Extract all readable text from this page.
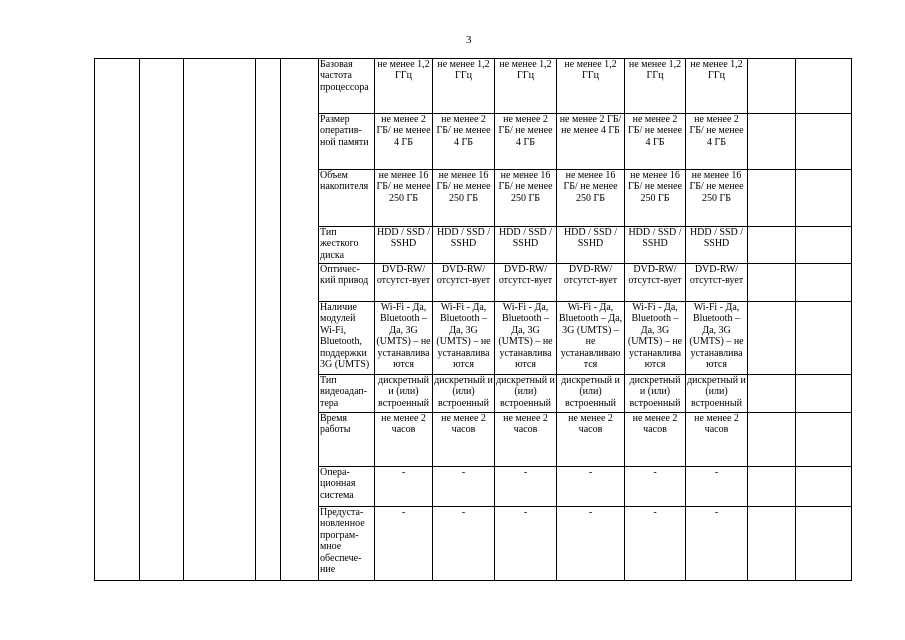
3
					Базовая частота процессора	не менее 1,2 ГГц	не менее 1,2 ГГц	не менее 1,2 ГГц	не менее 1,2 ГГц	не менее 1,2 ГГц	не менее 1,2 ГГц		
					Размер оператив-ной памяти	не менее 2 ГБ/ не менее 4 ГБ	не менее 2 ГБ/ не менее 4 ГБ	не менее 2 ГБ/ не менее 4 ГБ	не менее 2 ГБ/ не менее 4 ГБ	не менее 2 ГБ/ не менее 4 ГБ	не менее 2 ГБ/ не менее 4 ГБ		
					Объем накопителя	не менее 16 ГБ/ не менее 250 ГБ	не менее 16 ГБ/ не менее 250 ГБ	не менее 16 ГБ/ не менее 250 ГБ	не менее 16 ГБ/ не менее 250 ГБ	не менее 16 ГБ/ не менее 250 ГБ	не менее 16 ГБ/ не менее 250 ГБ		
					Тип жесткого диска	HDD / SSD / SSHD	HDD / SSD / SSHD	HDD / SSD / SSHD	HDD / SSD / SSHD	HDD / SSD / SSHD	HDD / SSD / SSHD		
					Оптичес-кий привод	DVD-RW/отсутст-вует	DVD-RW/отсутст-вует	DVD-RW/отсутст-вует	DVD-RW/отсутст-вует	DVD-RW/отсутст-вует	DVD-RW/отсутст-вует		
					Наличие модулей Wi-Fi, Bluetooth, поддержки 3G (UMTS)	Wi-Fi - Да, Bluetooth – Да, 3G (UMTS) – не устанавлива ются	Wi-Fi - Да, Bluetooth – Да, 3G (UMTS) – не устанавлива ются	Wi-Fi - Да, Bluetooth – Да, 3G (UMTS) – не устанавлива ются	Wi-Fi - Да, Bluetooth – Да, 3G (UMTS) – не устанавливаю тся	Wi-Fi - Да, Bluetooth – Да, 3G (UMTS) – не устанавлива ются	Wi-Fi - Да, Bluetooth – Да, 3G (UMTS) – не устанавлива ются		
					Тип видеоадап-тера	дискретный и (или) встроенный	дискретный и (или) встроенный	дискретный и (или) встроенный	дискретный и (или) встроенный	дискретный и (или) встроенный	дискретный и (или) встроенный		
					Время работы	не менее 2 часов	не менее 2 часов	не менее 2 часов	не менее 2 часов	не менее 2 часов	не менее 2 часов		
					Опера-ционная система	-	-	-	-	-	-		
					Предуста-новленное програм-мное обеспече-ние	-	-	-	-	-	-		
